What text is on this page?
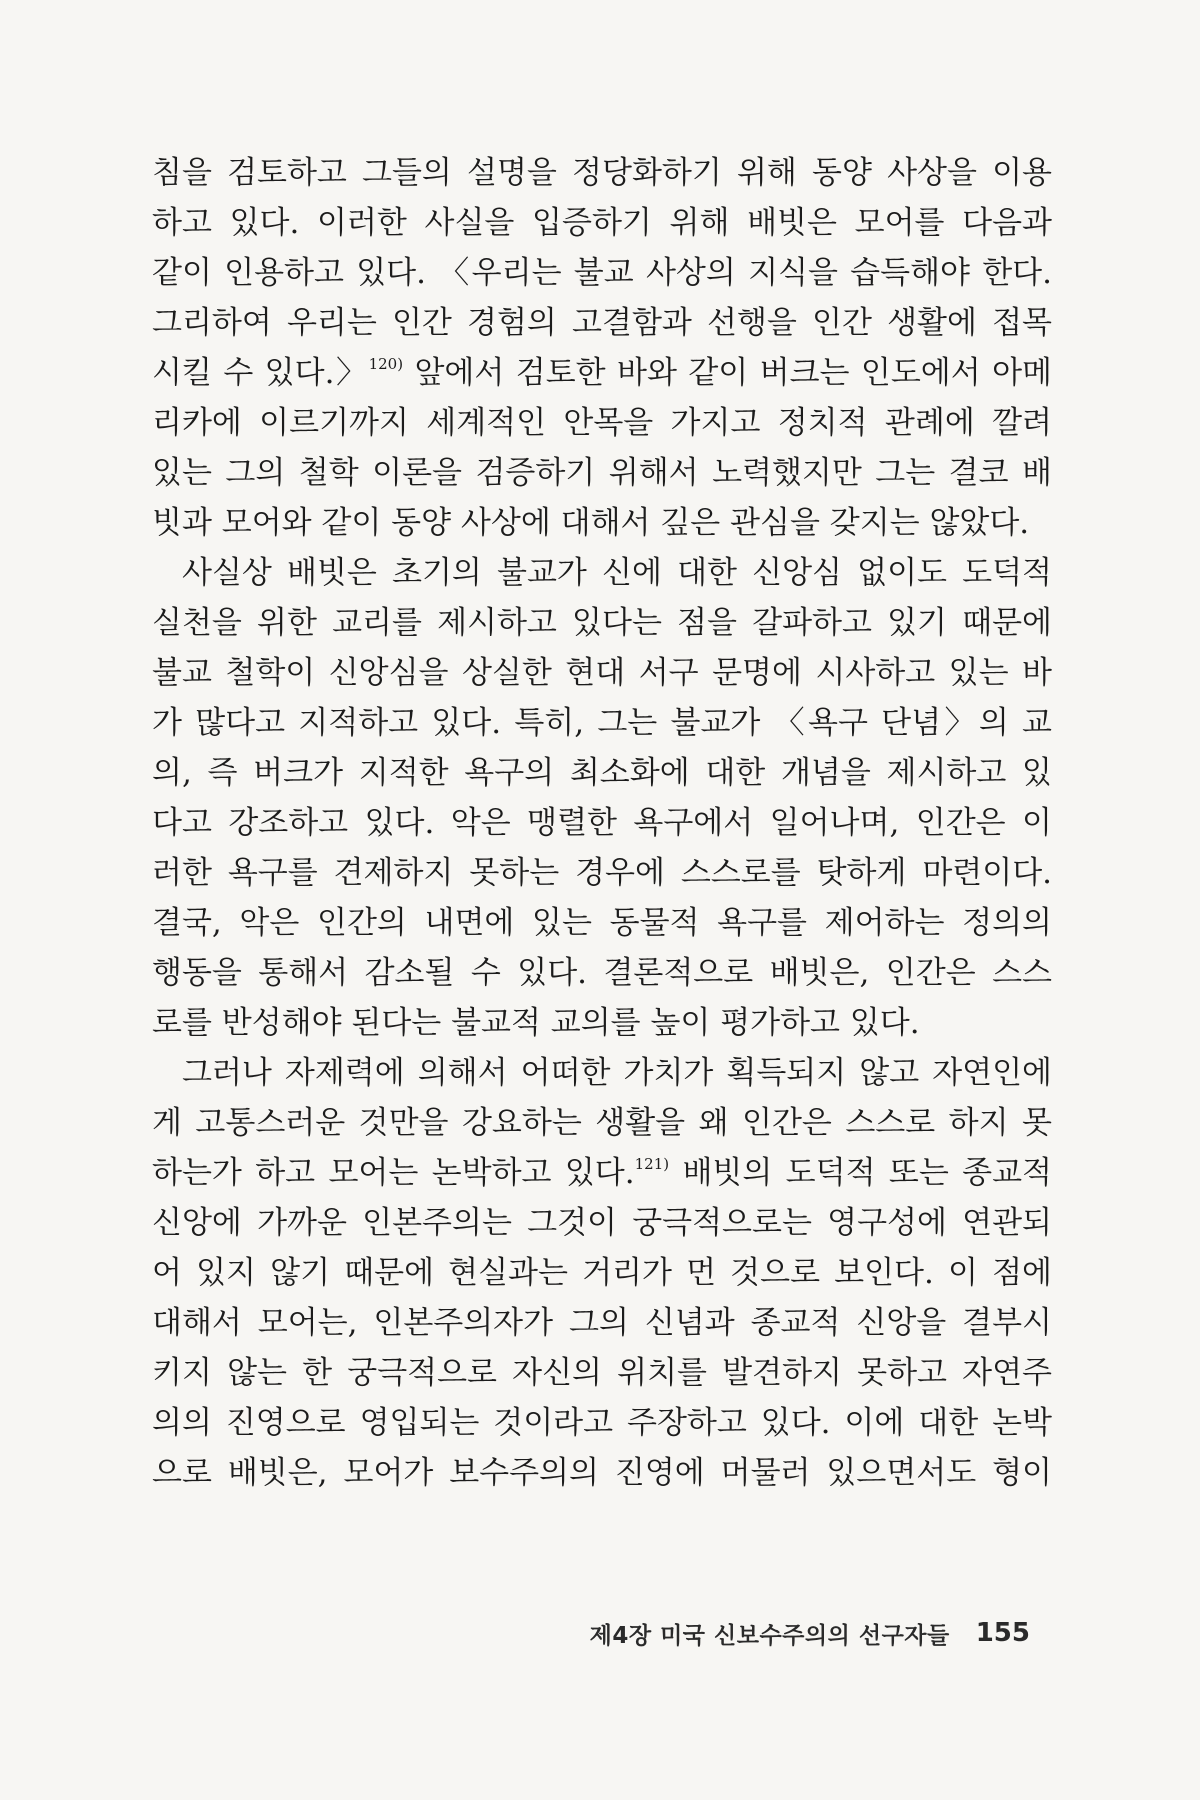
침을 검토하고 그들의 설명을 정당화하기 위해 동양 사상을 이용
하고 있다. 이러한 사실을 입증하기 위해 배빗은 모어를 다음과
같이 인용하고 있다. 〈우리는 불교 사상의 지식을 습득해야 한다.
그리하여 우리는 인간 경험의 고결함과 선행을 인간 생활에 접목
시킬 수 있다.〉$^{120)}$ 앞에서 검토한 바와 같이 버크는 인도에서 아메
리카에 이르기까지 세계적인 안목을 가지고 정치적 관례에 깔려
있는 그의 철학 이론을 검증하기 위해서 노력했지만 그는 결코 배
빗과 모어와 같이 동양 사상에 대해서 깊은 관심을 갖지는 않았다.
사실상 배빗은 초기의 불교가 신에 대한 신앙심 없이도 도덕적
실천을 위한 교리를 제시하고 있다는 점을 갈파하고 있기 때문에
불교 철학이 신앙심을 상실한 현대 서구 문명에 시사하고 있는 바
가 많다고 지적하고 있다. 특히, 그는 불교가 〈욕구 단념〉의 교
의, 즉 버크가 지적한 욕구의 최소화에 대한 개념을 제시하고 있
다고 강조하고 있다. 악은 맹렬한 욕구에서 일어나며, 인간은 이
러한 욕구를 견제하지 못하는 경우에 스스로를 탓하게 마련이다.
결국, 악은 인간의 내면에 있는 동물적 욕구를 제어하는 정의의
행동을 통해서 감소될 수 있다. 결론적으로 배빗은, 인간은 스스
로를 반성해야 된다는 불교적 교의를 높이 평가하고 있다.
그러나 자제력에 의해서 어떠한 가치가 획득되지 않고 자연인에
게 고통스러운 것만을 강요하는 생활을 왜 인간은 스스로 하지 못
하는가 하고 모어는 논박하고 있다.$^{121)}$ 배빗의 도덕적 또는 종교적
신앙에 가까운 인본주의는 그것이 궁극적으로는 영구성에 연관되
어 있지 않기 때문에 현실과는 거리가 먼 것으로 보인다. 이 점에
대해서 모어는, 인본주의자가 그의 신념과 종교적 신앙을 결부시
키지 않는 한 궁극적으로 자신의 위치를 발견하지 못하고 자연주
의의 진영으로 영입되는 것이라고 주장하고 있다. 이에 대한 논박
으로 배빗은, 모어가 보수주의의 진영에 머물러 있으면서도 형이
제4장 미국 신보수주의의 선구자들 155
